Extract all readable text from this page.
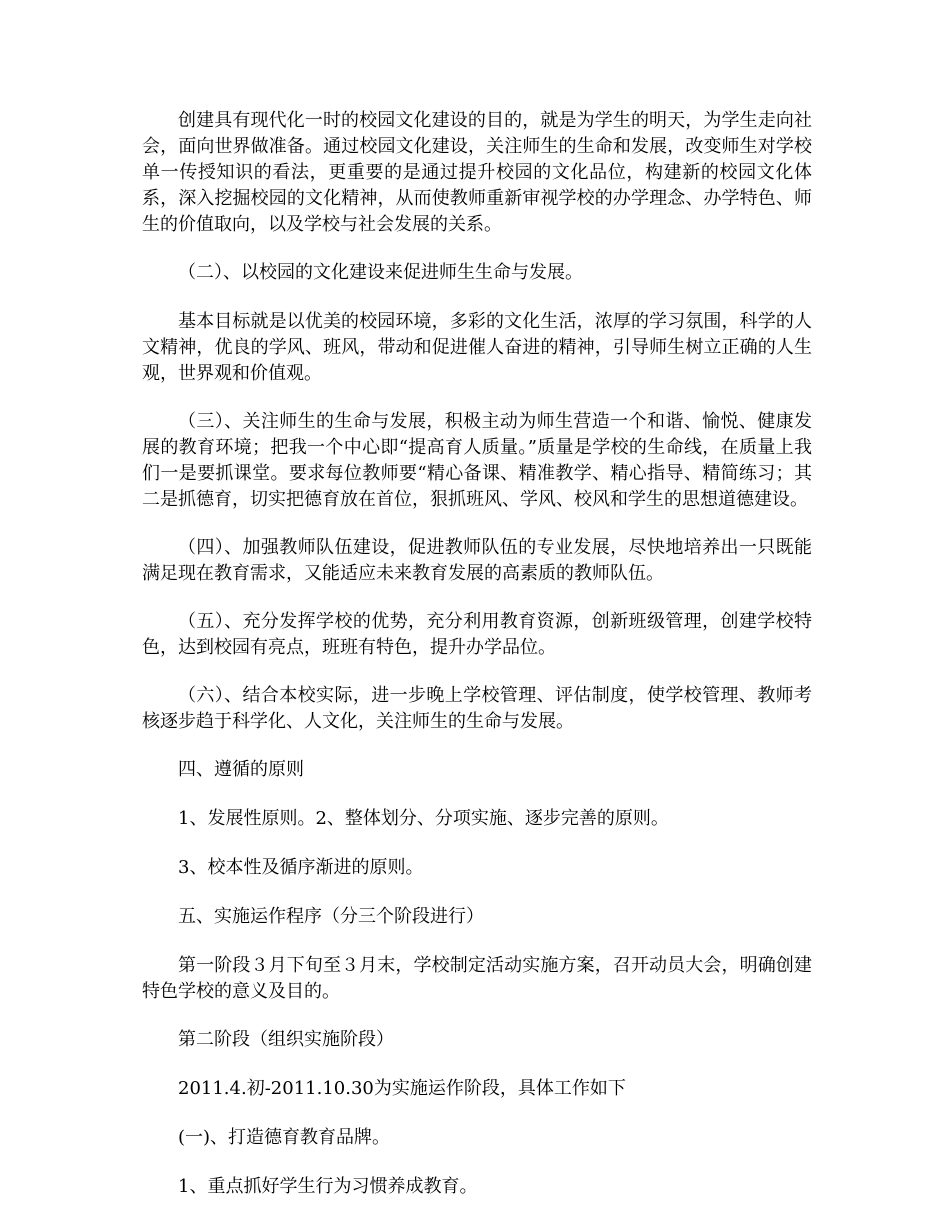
创建具有现代化一时的校园文化建设的目的，就是为学生的明天，为学生走向社会，面向世界做准备。通过校园文化建设，关注师生的生命和发展，改变师生对学校单一传授知识的看法，更重要的是通过提升校园的文化品位，构建新的校园文化体系，深入挖掘校园的文化精神，从而使教师重新审视学校的办学理念、办学特色、师生的价值取向，以及学校与社会发展的关系。

（二）、以校园的文化建设来促进师生生命与发展。

基本目标就是以优美的校园环境，多彩的文化生活，浓厚的学习氛围，科学的人文精神，优良的学风、班风，带动和促进催人奋进的精神，引导师生树立正确的人生观，世界观和价值观。

（三）、关注师生的生命与发展，积极主动为师生营造一个和谐、愉悦、健康发展的教育环境；把我一个中心即“提高育人质量。”质量是学校的生命线，在质量上我们一是要抓课堂。要求每位教师要“精心备课、精准教学、精心指导、精简练习；其二是抓德育，切实把德育放在首位，狠抓班风、学风、校风和学生的思想道德建设。

（四）、加强教师队伍建设，促进教师队伍的专业发展，尽快地培养出一只既能满足现在教育需求，又能适应未来教育发展的高素质的教师队伍。

（五）、充分发挥学校的优势，充分利用教育资源，创新班级管理，创建学校特色，达到校园有亮点，班班有特色，提升办学品位。

（六）、结合本校实际，进一步晚上学校管理、评估制度，使学校管理、教师考核逐步趋于科学化、人文化，关注师生的生命与发展。

四、遵循的原则

1、发展性原则。2、整体划分、分项实施、逐步完善的原则。

3、校本性及循序渐进的原则。

五、实施运作程序（分三个阶段进行）

第一阶段３月下旬至３月末，学校制定活动实施方案，召开动员大会，明确创建特色学校的意义及目的。

第二阶段（组织实施阶段）

2011.4.初-2011.10.30为实施运作阶段，具体工作如下

(一)、打造德育教育品牌。

1、重点抓好学生行为习惯养成教育。
